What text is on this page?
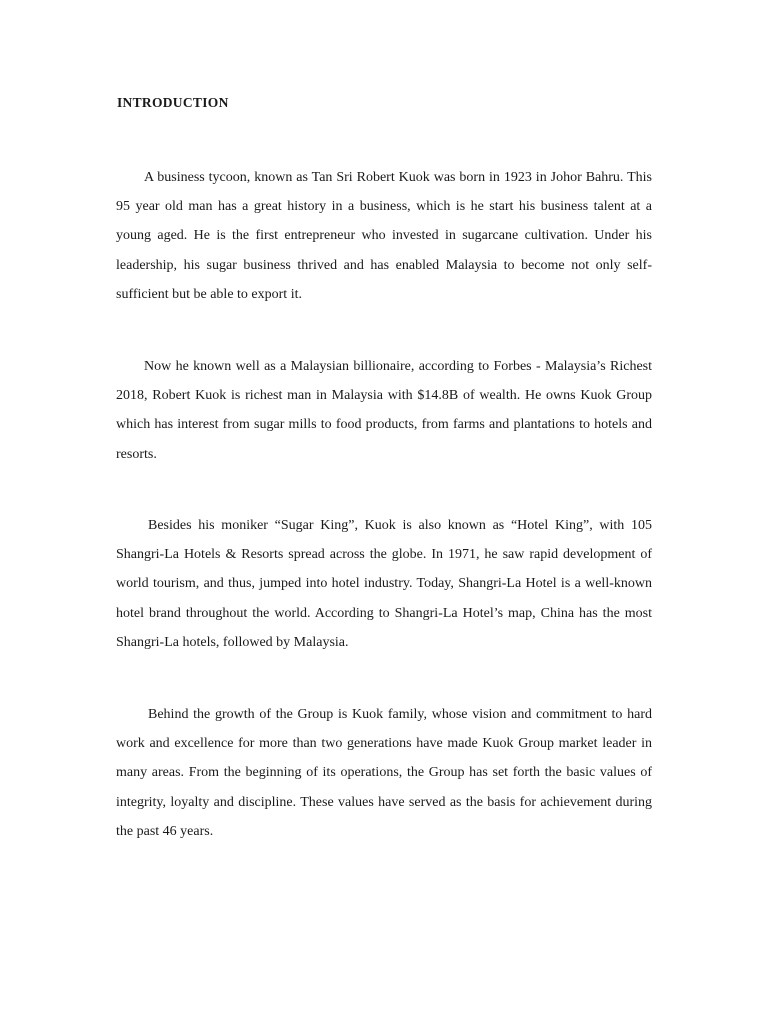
INTRODUCTION

A business tycoon, known as Tan Sri Robert Kuok was born in 1923 in Johor Bahru. This 95 year old man has a great history in a business, which is he start his business talent at a young aged. He is the first entrepreneur who invested in sugarcane cultivation. Under his leadership, his sugar business thrived and has enabled Malaysia to become not only self-sufficient but be able to export it.

Now he known well as a Malaysian billionaire, according to Forbes - Malaysia’s Richest 2018, Robert Kuok is richest man in Malaysia with $14.8B of wealth. He owns Kuok Group which has interest from sugar mills to food products, from farms and plantations to hotels and resorts.

Besides his moniker “Sugar King”, Kuok is also known as “Hotel King”, with 105 Shangri-La Hotels & Resorts spread across the globe. In 1971, he saw rapid development of world tourism, and thus, jumped into hotel industry. Today, Shangri-La Hotel is a well-known hotel brand throughout the world. According to Shangri-La Hotel’s map, China has the most Shangri-La hotels, followed by Malaysia.

Behind the growth of the Group is Kuok family, whose vision and commitment to hard work and excellence for more than two generations have made Kuok Group market leader in many areas. From the beginning of its operations, the Group has set forth the basic values of integrity, loyalty and discipline. These values have served as the basis for achievement during the past 46 years.
